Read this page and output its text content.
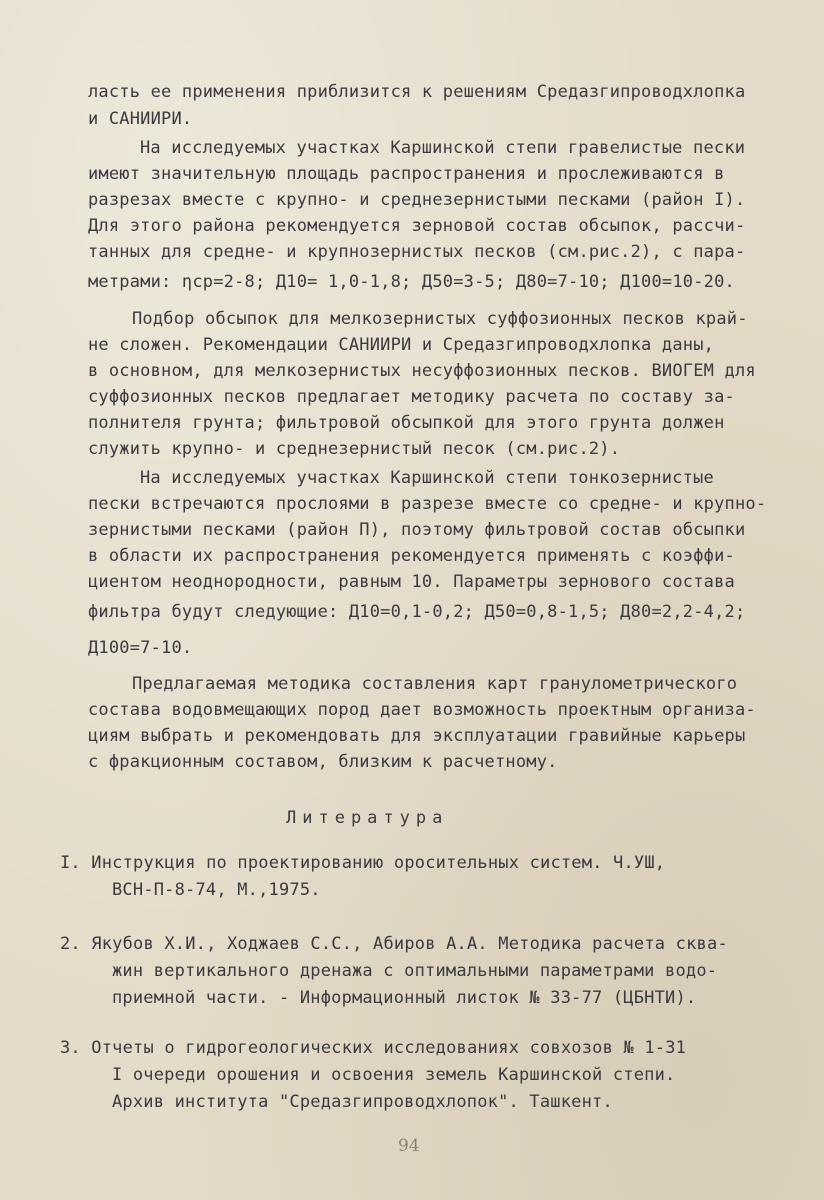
ласть ее применения приблизится к решениям Средазгипроводхлопка
и САНИИРИ.
На исследуемых участках Каршинской степи гравелистые пески
имеют значительную площадь распространения и прослеживаются в
разрезах вместе с крупно- и среднезернистыми песками (район I).
Для этого района рекомендуется зерновой состав обсыпок, рассчи-
танных для средне- и крупнозернистых песков (см.рис.2), с пара-
метрами: ηср=2-8; Д10= 1,0-1,8; Д50=3-5; Д80=7-10; Д100=10-20.
Подбор обсыпок для мелкозернистых суффозионных песков край-
не сложен. Рекомендации САНИИРИ и Средазгипроводхлопка даны,
в основном, для мелкозернистых несуффозионных песков. ВИОГЕМ для
суффозионных песков предлагает методику расчета по составу за-
полнителя грунта; фильтровой обсыпкой для этого грунта должен
служить крупно- и среднезернистый песок (см.рис.2).
На исследуемых участках Каршинской степи тонкозернистые
пески встречаются прослоями в разрезе вместе со средне- и крупно-
зернистыми песками (район П), поэтому фильтровой состав обсыпки
в области их распространения рекомендуется применять с коэффи-
циентом неоднородности, равным 10. Параметры зернового состава
фильтра будут следующие: Д10=0,1-0,2; Д50=0,8-1,5; Д80=2,2-4,2;
Д100=7-10.
Предлагаемая методика составления карт гранулометрического
состава водовмещающих пород дает возможность проектным организа-
циям выбрать и рекомендовать для эксплуатации гравийные карьеры
с фракционным составом, близким к расчетному.
Литература
I. Инструкция по проектированию оросительных систем. Ч.УШ,
ВСН-П-8-74, М.,1975.
2. Якубов Х.И., Ходжаев С.С., Абиров А.А. Методика расчета сква-
жин вертикального дренажа с оптимальными параметрами водо-
приемной части. - Информационный листок № 33-77 (ЦБНТИ).
3. Отчеты о гидрогеологических исследованиях совхозов № 1-31
I очереди орошения и освоения земель Каршинской степи.
Архив института "Средазгипроводхлопок". Ташкент.
94
